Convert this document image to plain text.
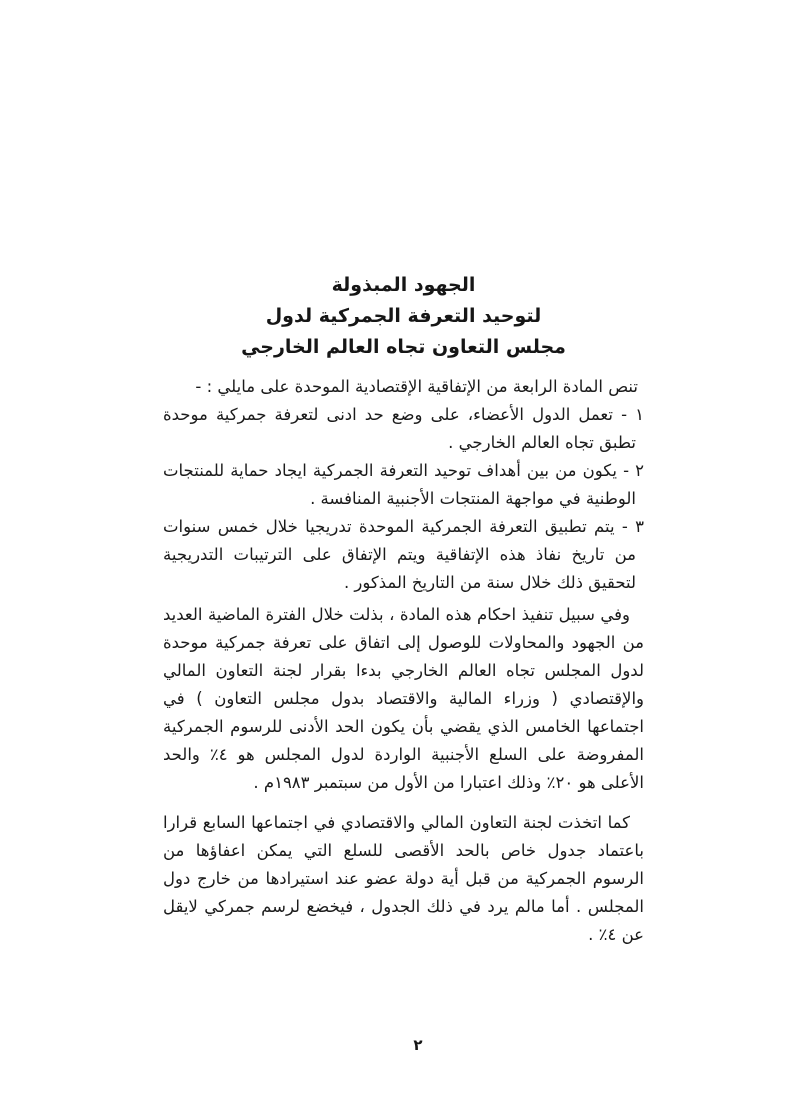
الجهود المبذولة
لتوحيد التعرفة الجمركية لدول
مجلس التعاون تجاه العالم الخارجي

تنص المادة الرابعة من الإتفاقية الإقتصادية الموحدة على مايلي : -

١ - تعمل الدول الأعضاء، على وضع حد ادنى لتعرفة جمركية موحدة تطبق تجاه العالم الخارجي .

٢ - يكون من بين أهداف توحيد التعرفة الجمركية ايجاد حماية للمنتجات الوطنية في مواجهة المنتجات الأجنبية المنافسة .

٣ - يتم تطبيق التعرفة الجمركية الموحدة تدريجيا خلال خمس سنوات من تاريخ نفاذ هذه الإتفاقية ويتم الإتفاق على الترتيبات التدريجية لتحقيق ذلك خلال سنة من التاريخ المذكور .

وفي سبيل تنفيذ احكام هذه المادة ، بذلت خلال الفترة الماضية العديد من الجهود والمحاولات للوصول إلى اتفاق على تعرفة جمركية موحدة لدول المجلس تجاه العالم الخارجي بدءا بقرار لجنة التعاون المالي والإقتصادي ( وزراء المالية والاقتصاد بدول مجلس التعاون ) في اجتماعها الخامس الذي يقضي بأن يكون الحد الأدنى للرسوم الجمركية المفروضة على السلع الأجنبية الواردة لدول المجلس هو ٤٪ والحد الأعلى هو ٢٠٪ وذلك اعتبارا من الأول من سبتمبر ١٩٨٣م .

كما اتخذت لجنة التعاون المالي والاقتصادي في اجتماعها السابع قرارا باعتماد جدول خاص بالحد الأقصى للسلع التي يمكن اعفاؤها من الرسوم الجمركية من قبل أية دولة عضو عند استيرادها من خارج دول المجلس . أما مالم يرد في ذلك الجدول ، فيخضع لرسم جمركي لايقل عن ٤٪ .

٢
